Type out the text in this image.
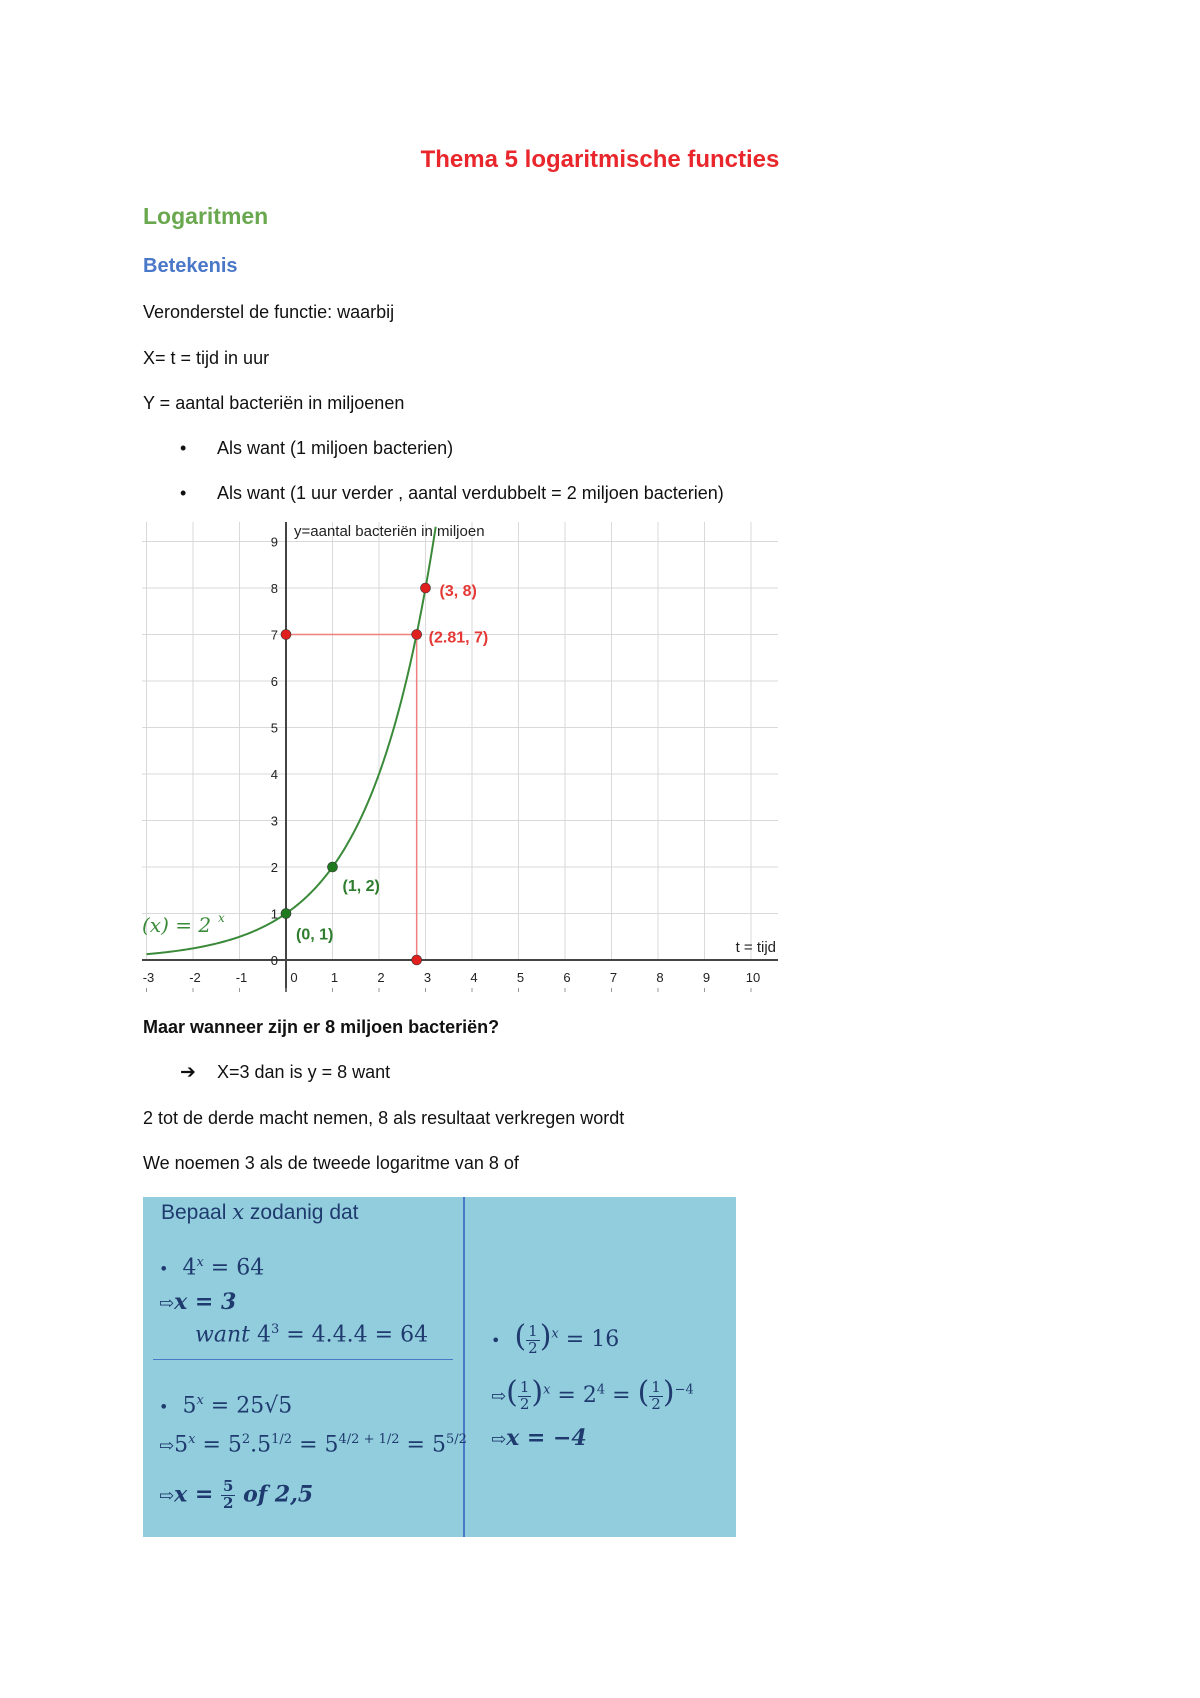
Thema 5 logaritmische functies
Logaritmen
Betekenis
Veronderstel de functie: waarbij
X= t = tijd in uur
Y = aantal bacteriën in miljoenen
• Als want (1 miljoen bacterien)
• Als want (1 uur verder , aantal verdubbelt = 2 miljoen bacterien)
-3	-2	-1	0	1	2	3	4	5	6	7	8	9	10
0
1
2
3
4
5
6
7
8
9
y=aantal bacteriën in miljoen
t = tijd
(x) = 2 x
(0, 1)
(1, 2)
(3, 8)
(2.81, 7)
Maar wanneer zijn er 8 miljoen bacteriën?
➔ X=3 dan is y = 8 want
2 tot de derde macht nemen, 8 als resultaat verkregen wordt
We noemen 3 als de tweede logaritme van 8 of
Bepaal x zodanig dat
• $4^x = 64$
⇨x = 3
want $4^3 = 4.4.4 = 64$
• $5^x = 25√5$
$⇨5^x = 5^2.5^{1/2} = 5^{4/2 + 1/2} = 5^{5/2}$
⇨x = $\frac{5}{2}$ of 2,5
• ( $\frac{1}{2} )^x = 16$
⇨( $\frac{1}{2} )^x = 2^4$ = ( $\frac{1}{2} )^{-4}$
⇨x = −4
